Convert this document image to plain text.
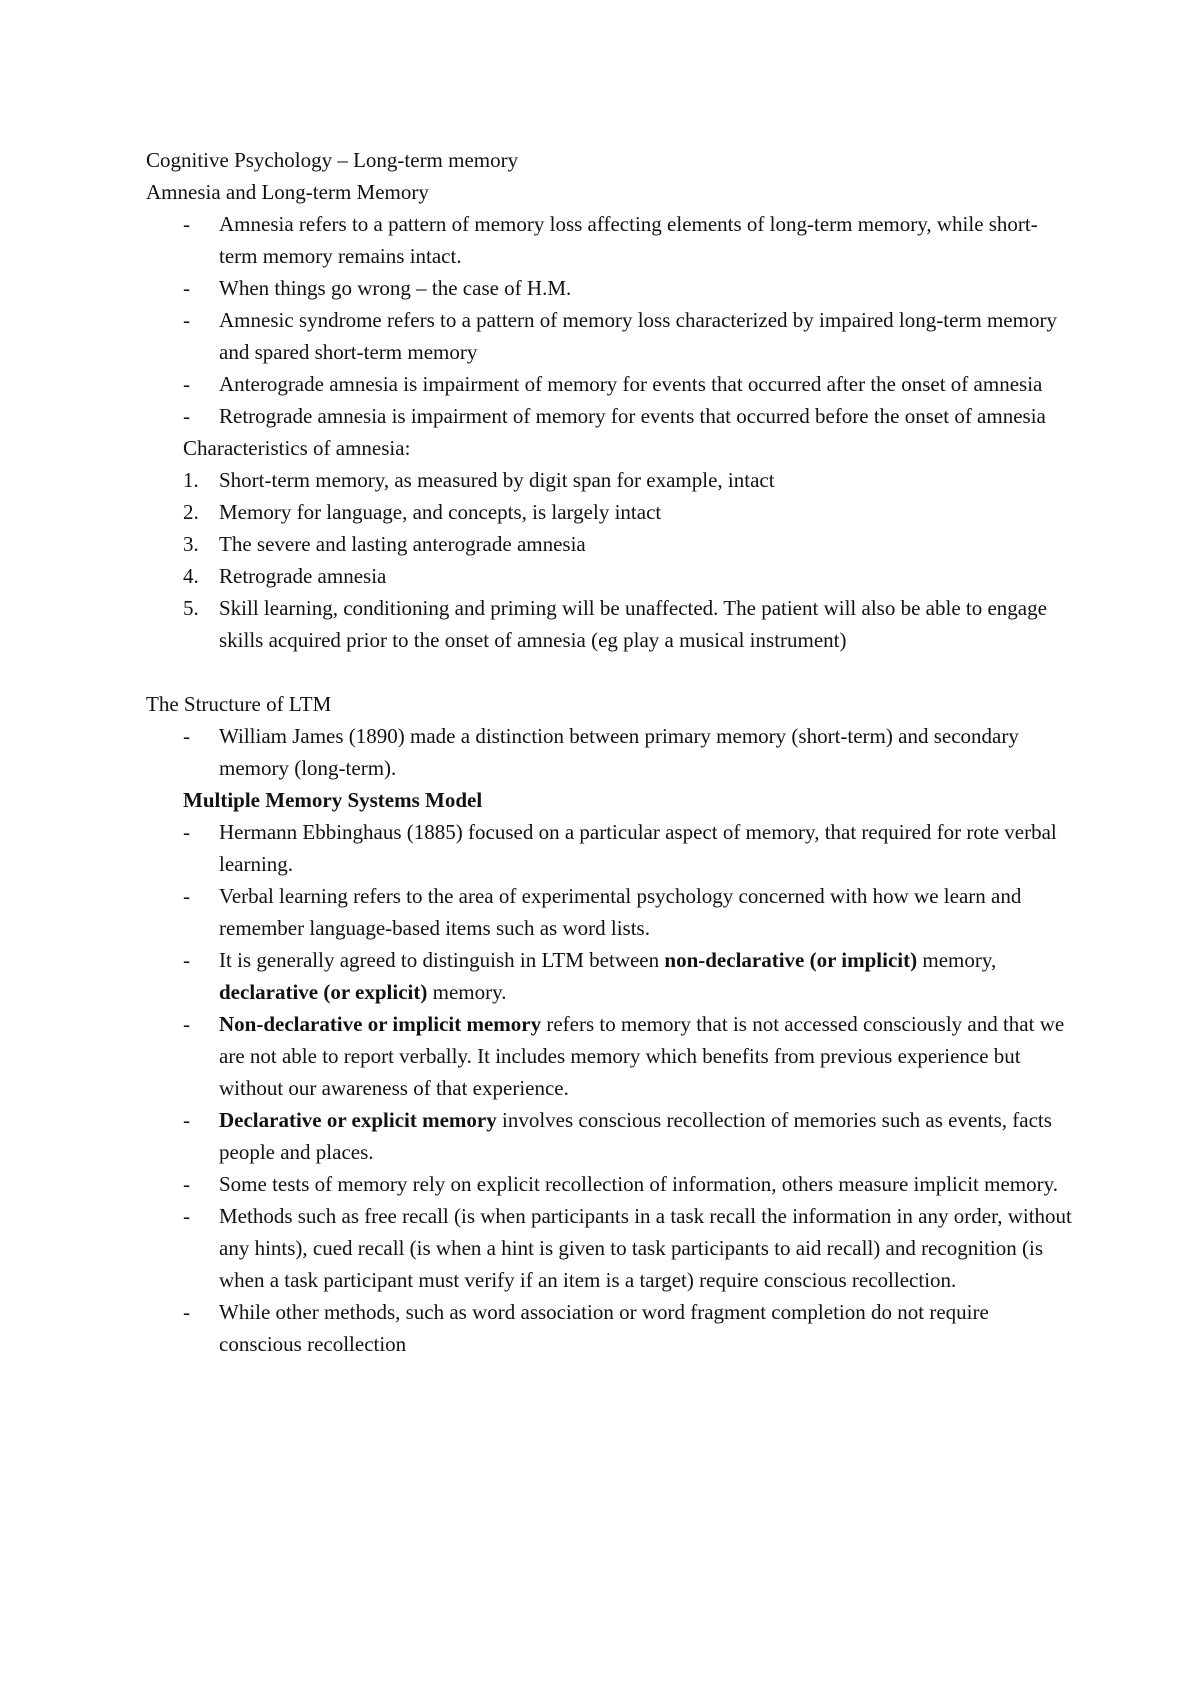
Cognitive Psychology – Long-term memory

Amnesia and Long-term Memory

- Amnesia refers to a pattern of memory loss affecting elements of long-term memory, while short-term memory remains intact.
- When things go wrong – the case of H.M.
- Amnesic syndrome refers to a pattern of memory loss characterized by impaired long-term memory and spared short-term memory
- Anterograde amnesia is impairment of memory for events that occurred after the onset of amnesia
- Retrograde amnesia is impairment of memory for events that occurred before the onset of amnesia

Characteristics of amnesia:

1. Short-term memory, as measured by digit span for example, intact
2. Memory for language, and concepts, is largely intact
3. The severe and lasting anterograde amnesia
4. Retrograde amnesia
5. Skill learning, conditioning and priming will be unaffected. The patient will also be able to engage skills acquired prior to the onset of amnesia (eg play a musical instrument)

The Structure of LTM

- William James (1890) made a distinction between primary memory (short-term) and secondary memory (long-term).

Multiple Memory Systems Model

- Hermann Ebbinghaus (1885) focused on a particular aspect of memory, that required for rote verbal learning.
- Verbal learning refers to the area of experimental psychology concerned with how we learn and remember language-based items such as word lists.
- It is generally agreed to distinguish in LTM between non-declarative (or implicit) memory, declarative (or explicit) memory.
- Non-declarative or implicit memory refers to memory that is not accessed consciously and that we are not able to report verbally. It includes memory which benefits from previous experience but without our awareness of that experience.
- Declarative or explicit memory involves conscious recollection of memories such as events, facts people and places.
- Some tests of memory rely on explicit recollection of information, others measure implicit memory.
- Methods such as free recall (is when participants in a task recall the information in any order, without any hints), cued recall (is when a hint is given to task participants to aid recall) and recognition (is when a task participant must verify if an item is a target) require conscious recollection.
- While other methods, such as word association or word fragment completion do not require conscious recollection
